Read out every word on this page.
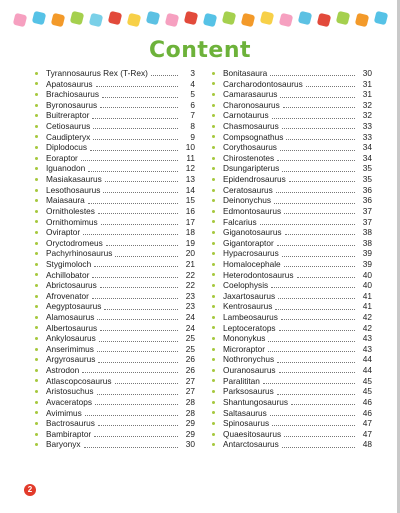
Content
Tyrannosaurus Rex (T-Rex)	3
Apatosaurus	4
Brachiosaurus	5
Byronosaurus	6
Buitreraptor	7
Cetiosaurus	8
Caudipteryx	9
Diplodocus	10
Eoraptor	11
Iguanodon	12
Masiakasaurus	13
Lesothosaurus	14
Maiasaura	15
Ornitholestes	16
Ornithomimus	17
Oviraptor	18
Oryctodromeus	19
Pachyrhinosaurus	20
Stygimoloch	21
Achillobator	22
Abrictosaurus	22
Afrovenator	23
Aegyptosaurus	23
Alamosaurus	24
Albertosaurus	24
Ankylosaurus	25
Anserimimus	25
Argyrosaurus	26
Astrodon	26
Atlascopcosaurus	27
Aristosuchus	27
Avaceratops	28
Avimimus	28
Bactrosaurus	29
Bambiraptor	29
Baryonyx	30
Bonitasaura	30
Carcharodontosaurus	31
Camarasaurus	31
Charonosaurus	32
Carnotaurus	32
Chasmosaurus	33
Compsognathus	33
Corythosaurus	34
Chirostenotes	34
Dsungaripterus	35
Epidendrosaurus	35
Ceratosaurus	36
Deinonychus	36
Edmontosaurus	37
Falcarius	37
Giganotosaurus	38
Gigantoraptor	38
Hypacrosaurus	39
Homalocephale	39
Heterodontosaurus	40
Coelophysis	40
Jaxartosaurus	41
Kentrosaurus	41
Lambeosaurus	42
Leptoceratops	42
Mononykus	43
Microraptor	43
Nothronychus	44
Ouranosaurus	44
Paralititan	45
Parksosaurus	45
Shantungosaurus	46
Saltasaurus	46
Spinosaurus	47
Quaesitosaurus	47
Antarctosaurus	48
2
